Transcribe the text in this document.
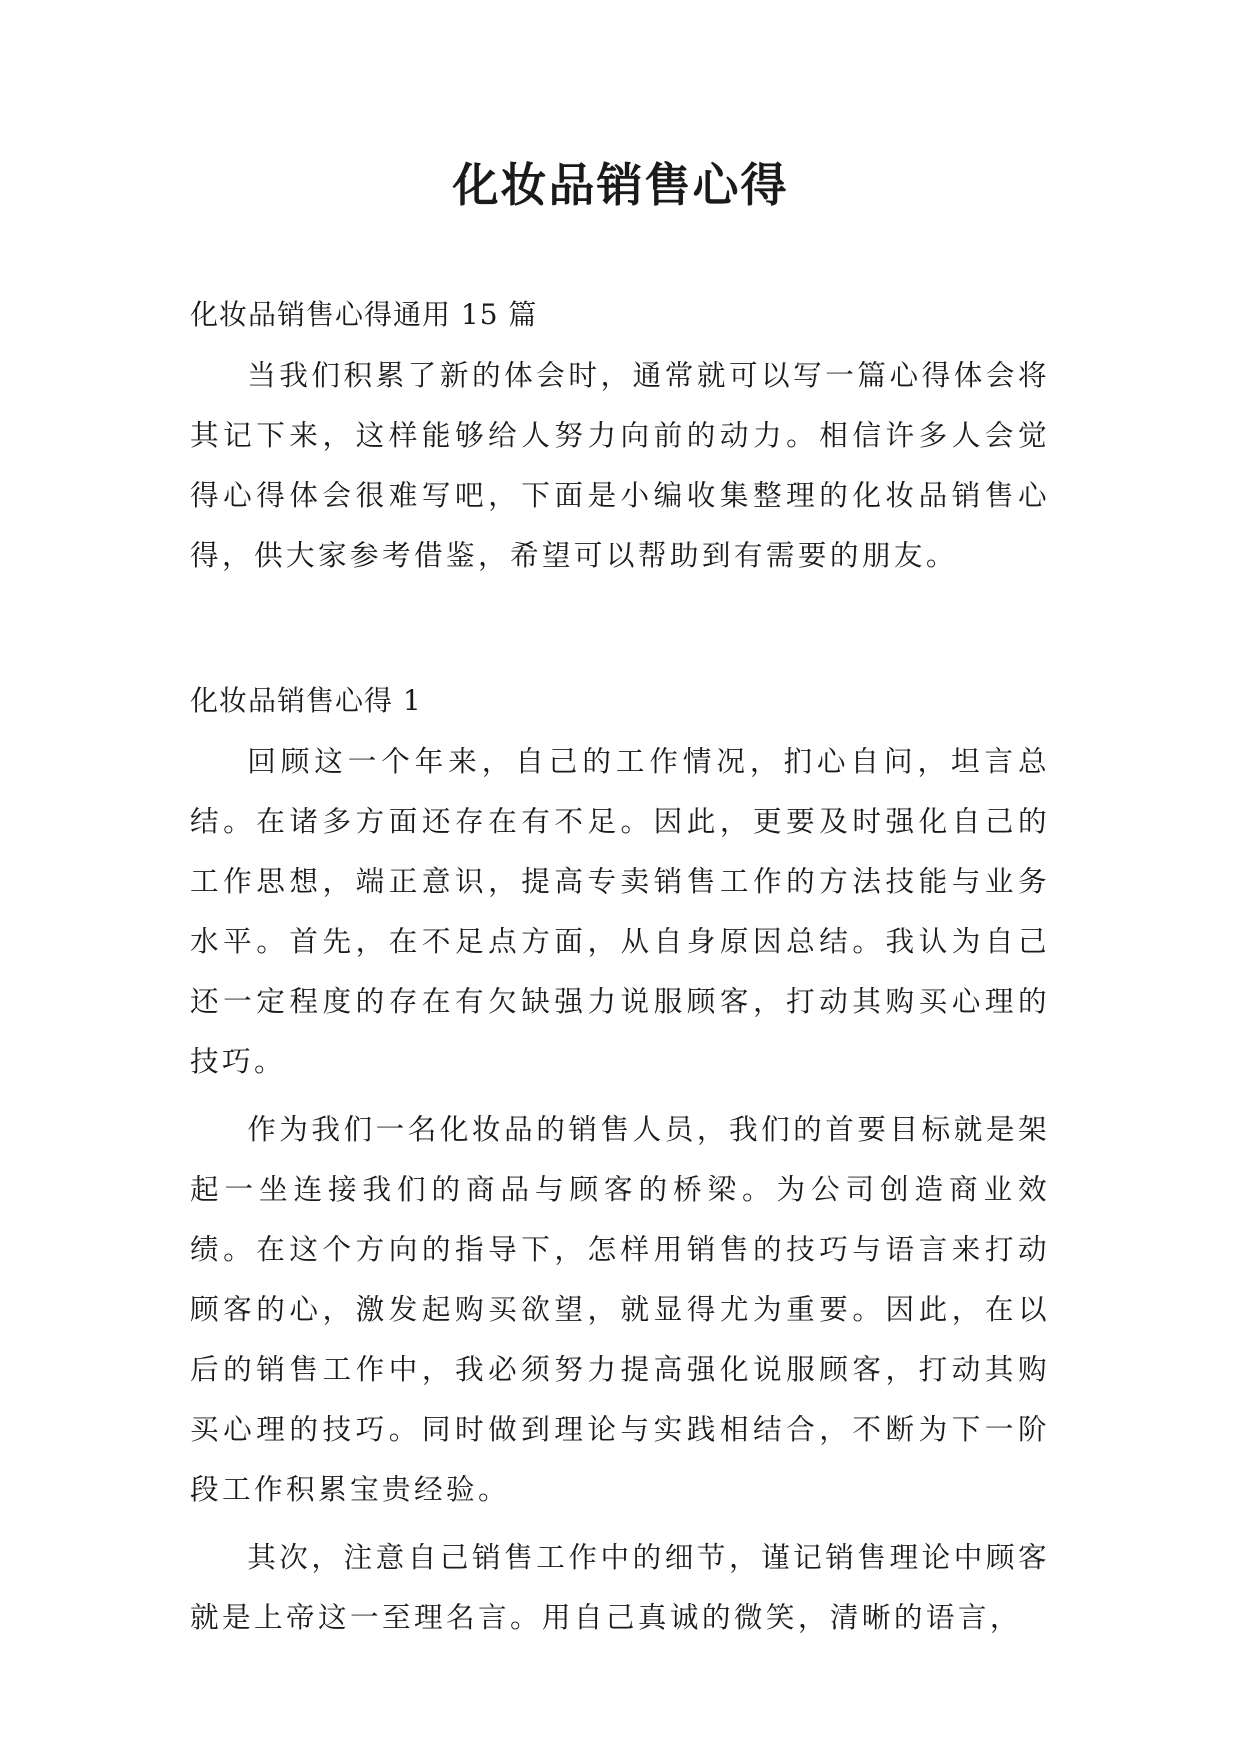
化妆品销售心得

化妆品销售心得通用 15 篇

当我们积累了新的体会时，通常就可以写一篇心得体会将其记下来，这样能够给人努力向前的动力。相信许多人会觉得心得体会很难写吧，下面是小编收集整理的化妆品销售心得，供大家参考借鉴，希望可以帮助到有需要的朋友。

化妆品销售心得 1

回顾这一个年来，自己的工作情况，扪心自问，坦言总结。在诸多方面还存在有不足。因此，更要及时强化自己的工作思想，端正意识，提高专卖销售工作的方法技能与业务水平。首先，在不足点方面，从自身原因总结。我认为自己还一定程度的存在有欠缺强力说服顾客，打动其购买心理的技巧。

作为我们一名化妆品的销售人员，我们的首要目标就是架起一坐连接我们的商品与顾客的桥梁。为公司创造商业效绩。在这个方向的指导下，怎样用销售的技巧与语言来打动顾客的心，激发起购买欲望，就显得尤为重要。因此，在以后的销售工作中，我必须努力提高强化说服顾客，打动其购买心理的技巧。同时做到理论与实践相结合，不断为下一阶段工作积累宝贵经验。

其次，注意自己销售工作中的细节，谨记销售理论中顾客就是上帝这一至理名言。用自己真诚的微笑，清晰的语言，
